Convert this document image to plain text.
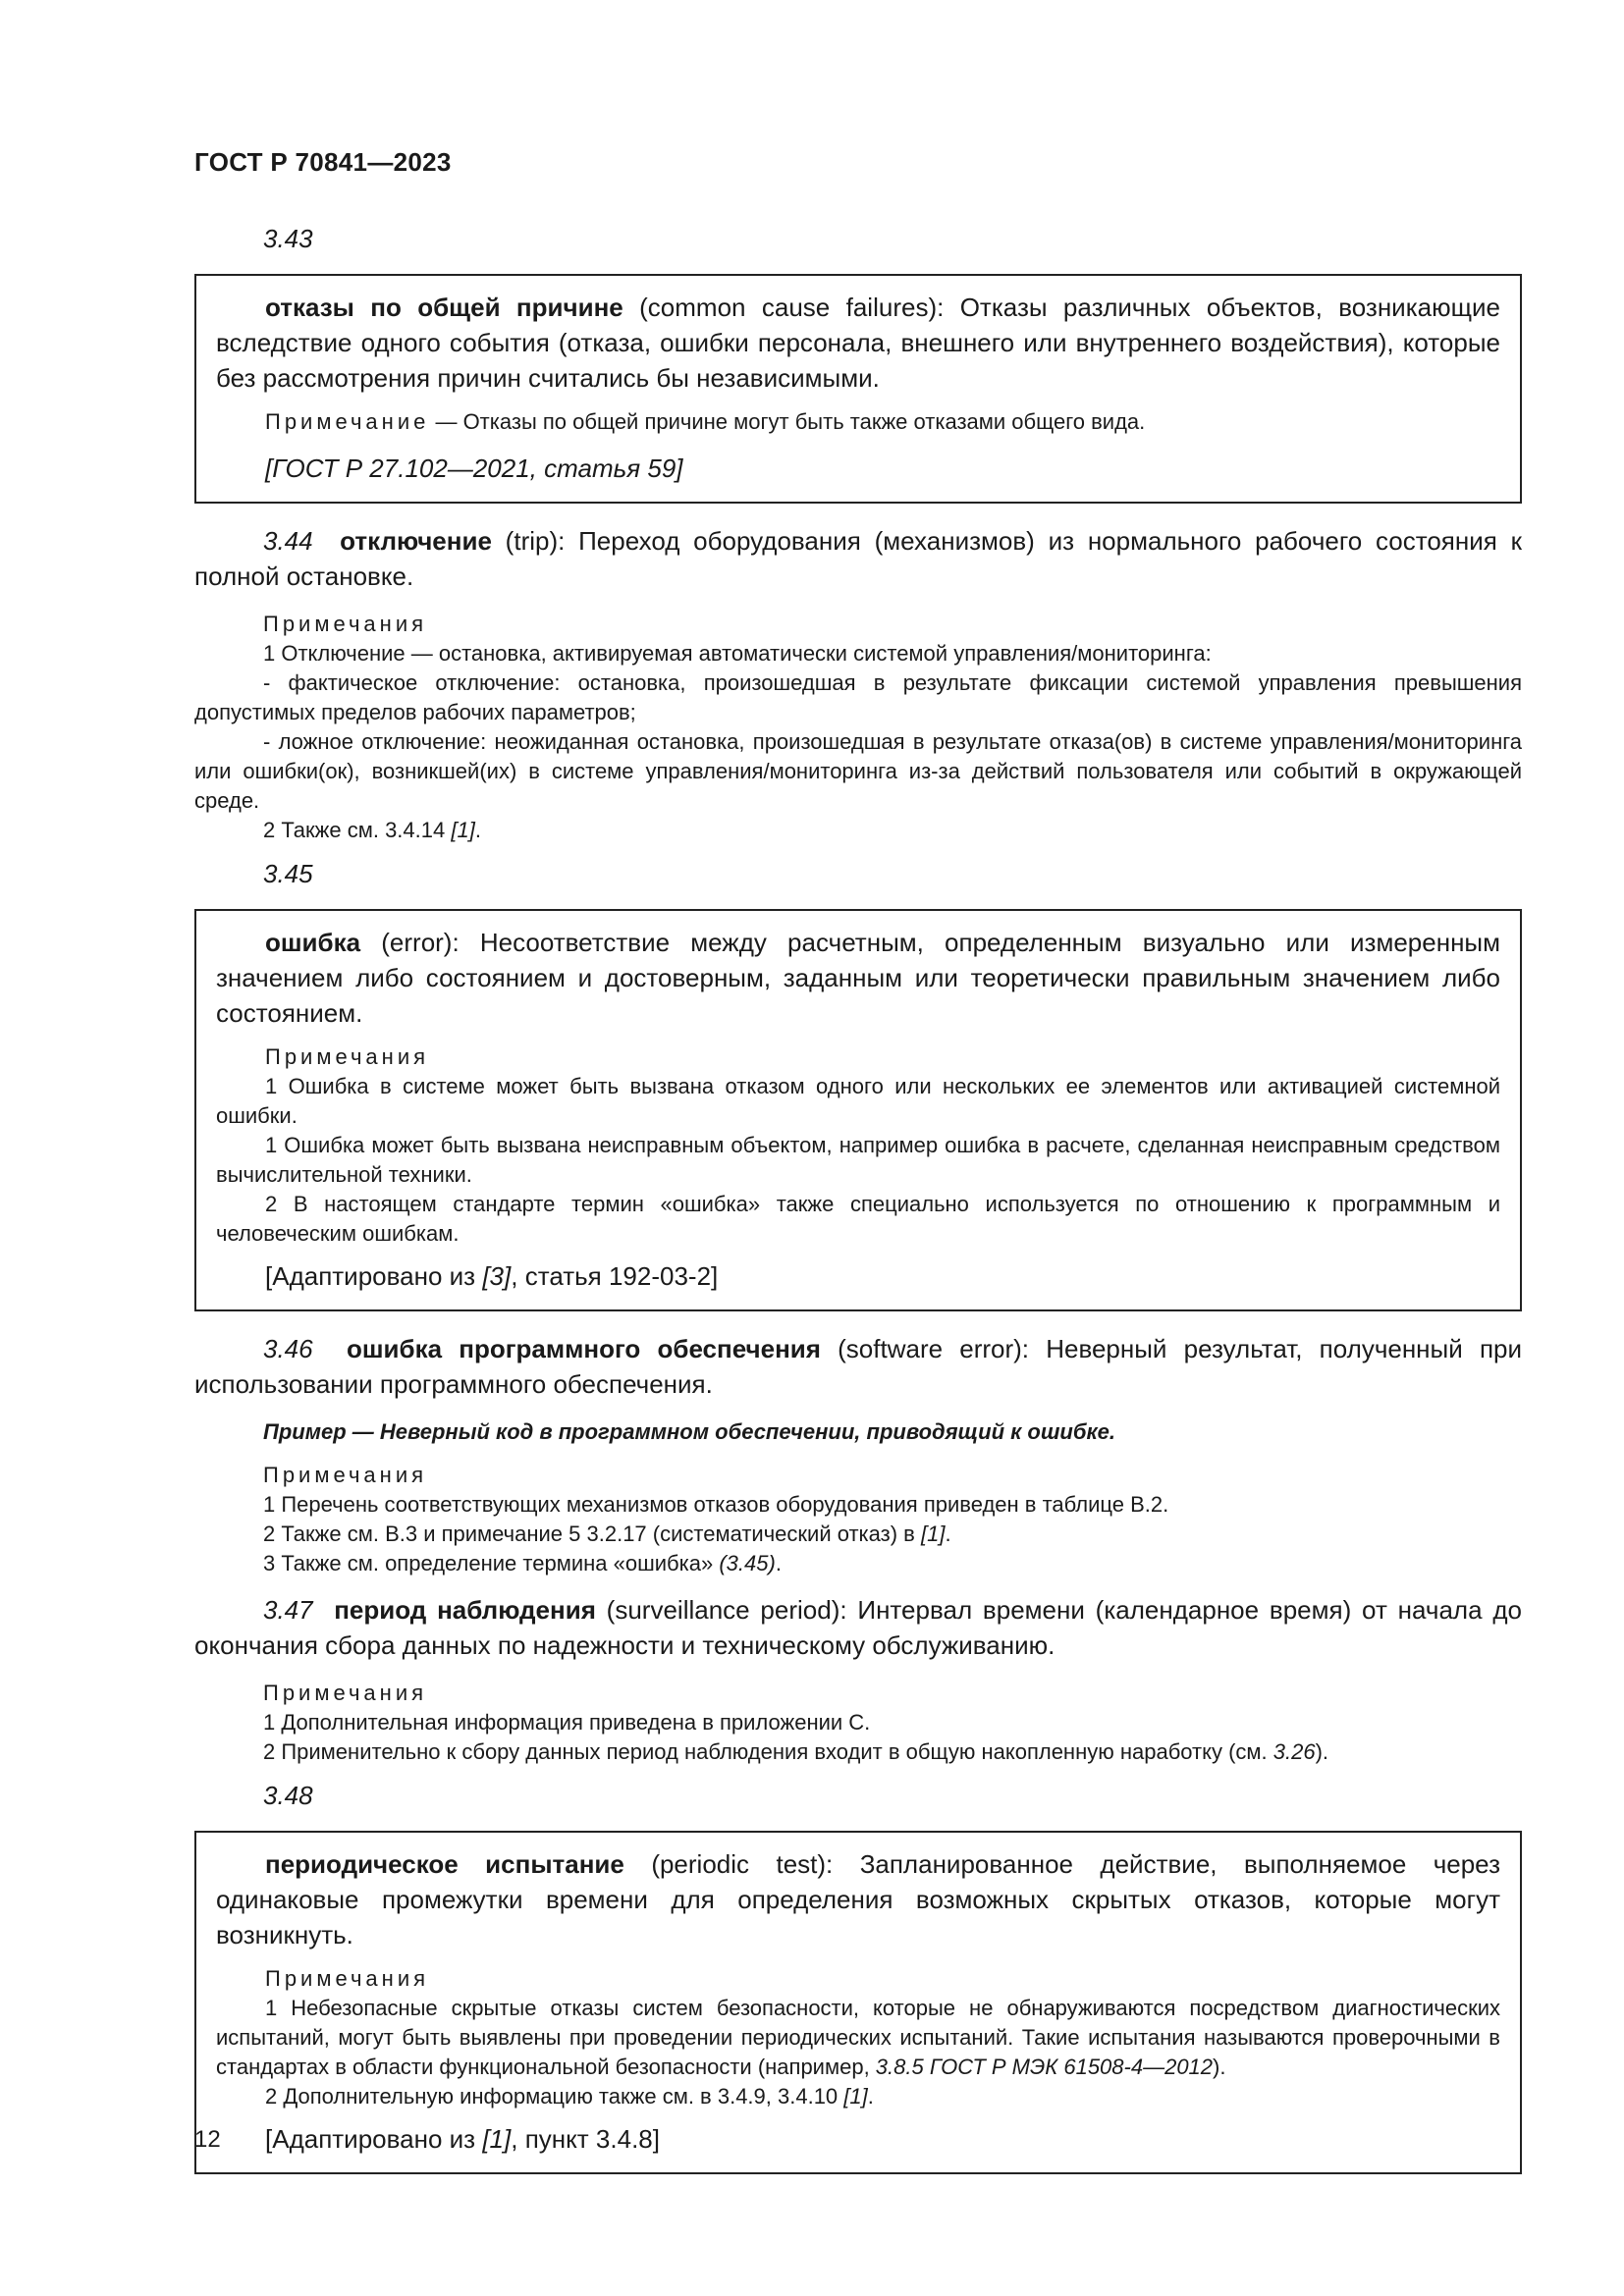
ГОСТ Р 70841—2023

3.43

отказы по общей причине (common cause failures): Отказы различных объектов, возникающие вследствие одного события (отказа, ошибки персонала, внешнего или внутреннего воздействия), которые без рассмотрения причин считались бы независимыми.

Примечание — Отказы по общей причине могут быть также отказами общего вида.

[ГОСТ Р 27.102—2021, статья 59]

3.44 отключение (trip): Переход оборудования (механизмов) из нормального рабочего состояния к полной остановке.

Примечания

1 Отключение — остановка, активируемая автоматически системой управления/мониторинга:

- фактическое отключение: остановка, произошедшая в результате фиксации системой управления превышения допустимых пределов рабочих параметров;

- ложное отключение: неожиданная остановка, произошедшая в результате отказа(ов) в системе управления/мониторинга или ошибки(ок), возникшей(их) в системе управления/мониторинга из-за действий пользователя или событий в окружающей среде.

2 Также см. 3.4.14 [1].

3.45

ошибка (error): Несоответствие между расчетным, определенным визуально или измеренным значением либо состоянием и достоверным, заданным или теоретически правильным значением либо состоянием.

Примечания

1 Ошибка в системе может быть вызвана отказом одного или нескольких ее элементов или активацией системной ошибки.

1 Ошибка может быть вызвана неисправным объектом, например ошибка в расчете, сделанная неисправным средством вычислительной техники.

2 В настоящем стандарте термин «ошибка» также специально используется по отношению к программным и человеческим ошибкам.

[Адаптировано из [3], статья 192-03-2]

3.46 ошибка программного обеспечения (software error): Неверный результат, полученный при использовании программного обеспечения.

Пример — Неверный код в программном обеспечении, приводящий к ошибке.

Примечания

1 Перечень соответствующих механизмов отказов оборудования приведен в таблице В.2.

2 Также см. В.3 и примечание 5 3.2.17 (систематический отказ) в [1].

3 Также см. определение термина «ошибка» (3.45).

3.47 период наблюдения (surveillance period): Интервал времени (календарное время) от начала до окончания сбора данных по надежности и техническому обслуживанию.

Примечания

1 Дополнительная информация приведена в приложении С.

2 Применительно к сбору данных период наблюдения входит в общую накопленную наработку (см. 3.26).

3.48

периодическое испытание (periodic test): Запланированное действие, выполняемое через одинаковые промежутки времени для определения возможных скрытых отказов, которые могут возникнуть.

Примечания

1 Небезопасные скрытые отказы систем безопасности, которые не обнаруживаются посредством диагностических испытаний, могут быть выявлены при проведении периодических испытаний. Такие испытания называются проверочными в стандартах в области функциональной безопасности (например, 3.8.5 ГОСТ Р МЭК 61508-4—2012).

2 Дополнительную информацию также см. в 3.4.9, 3.4.10 [1].

[Адаптировано из [1], пункт 3.4.8]

12
